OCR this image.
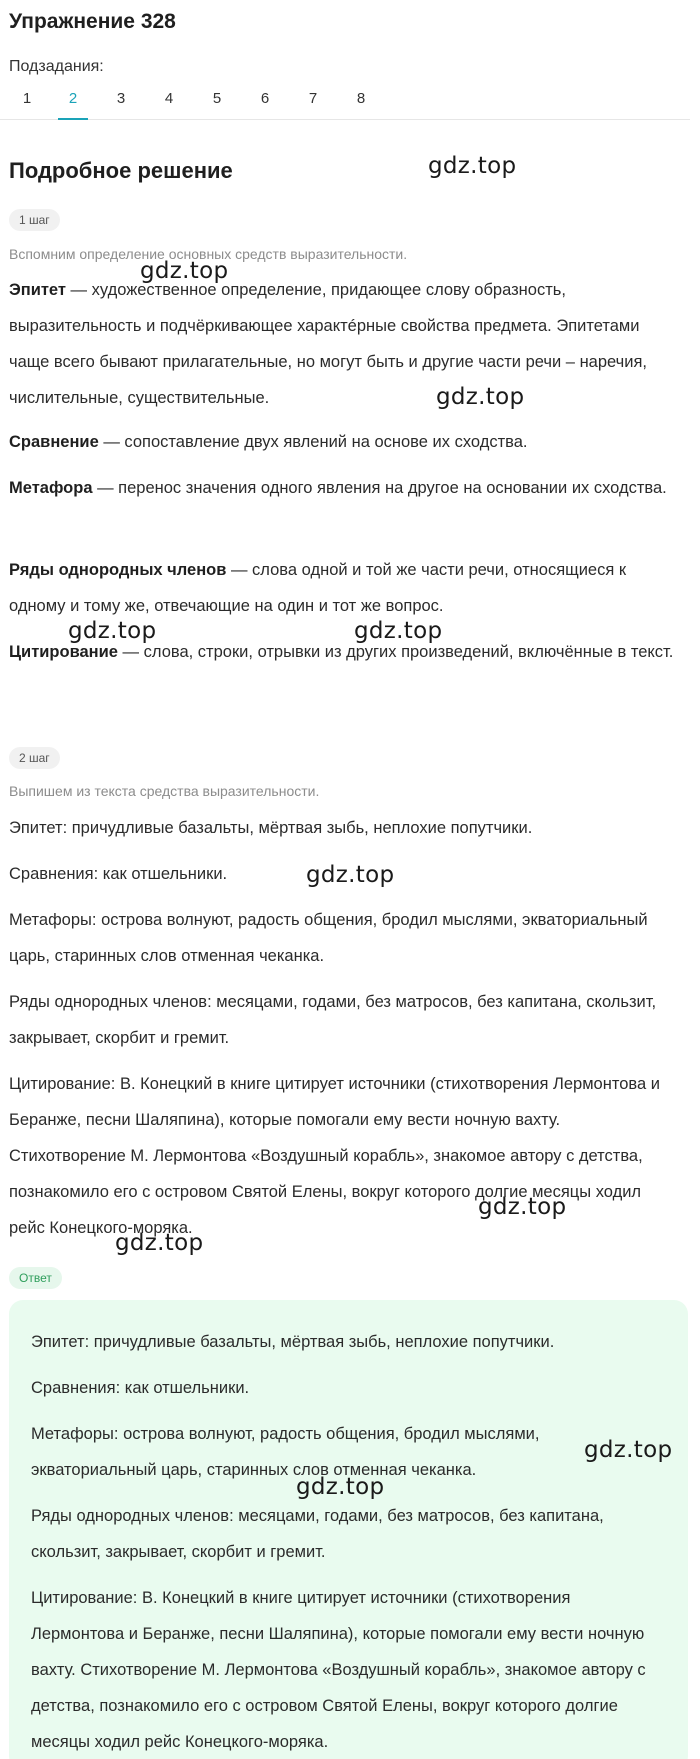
Упражнение 328
Подзадания:
1	2	3	4	5	6	7	8
Подробное решение
1 шаг
Вспомним определение основных средств выразительности.
Эпитет — художественное определение, придающее слову образность, выразительность и подчёркивающее характéрные свойства предмета. Эпитетами чаще всего бывают прилагательные, но могут быть и другие части речи – наречия, числительные, существительные.
Сравнение — сопоставление двух явлений на основе их сходства.
Метафора — перенос значения одного явления на другое на основании их сходства.
Ряды однородных членов — слова одной и той же части речи, относящиеся к одному и тому же, отвечающие на один и тот же вопрос.
Цитирование — слова, строки, отрывки из других произведений, включённые в текст.
2 шаг
Выпишем из текста средства выразительности.
Эпитет: причудливые базальты, мёртвая зыбь, неплохие попутчики.
Сравнения: как отшельники.
Метафоры: острова волнуют, радость общения, бродил мыслями, экваториальный царь, старинных слов отменная чеканка.
Ряды однородных членов: месяцами, годами, без матросов, без капитана, скользит, закрывает, скорбит и гремит.
Цитирование: В. Конецкий в книге цитирует источники (стихотворения Лермонтова и Беранже, песни Шаляпина), которые помогали ему вести ночную вахту. Стихотворение М. Лермонтова «Воздушный корабль», знакомое автору с детства, познакомило его с островом Святой Елены, вокруг которого долгие месяцы ходил рейс Конецкого-моряка.
Ответ
Эпитет: причудливые базальты, мёртвая зыбь, неплохие попутчики.
Сравнения: как отшельники.
Метафоры: острова волнуют, радость общения, бродил мыслями, экваториальный царь, старинных слов отменная чеканка.
Ряды однородных членов: месяцами, годами, без матросов, без капитана, скользит, закрывает, скорбит и гремит.
Цитирование: В. Конецкий в книге цитирует источники (стихотворения Лермонтова и Беранже, песни Шаляпина), которые помогали ему вести ночную вахту. Стихотворение М. Лермонтова «Воздушный корабль», знакомое автору с детства, познакомило его с островом Святой Елены, вокруг которого долгие месяцы ходил рейс Конецкого-моряка.
gdz.top
gdz.top
gdz.top
gdz.top	gdz.top
gdz.top
gdz.top
gdz.top
gdz.top
gdz.top
